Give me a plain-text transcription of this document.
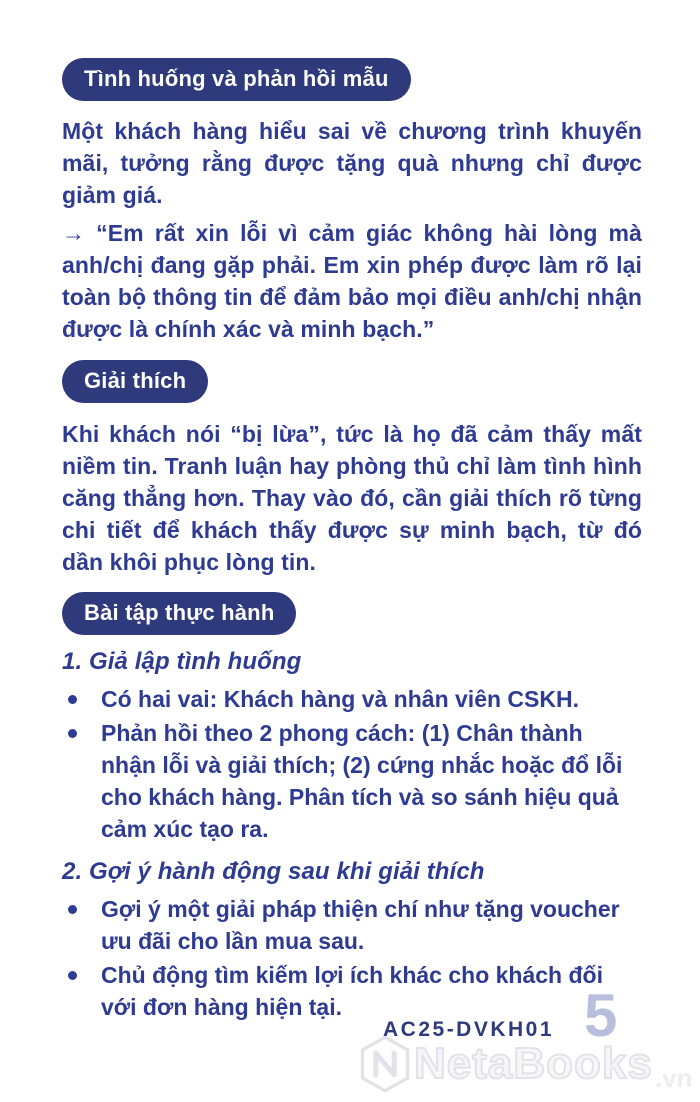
Tình huống và phản hồi mẫu

Một khách hàng hiểu sai về chương trình khuyến mãi, tưởng rằng được tặng quà nhưng chỉ được giảm giá.

→ “Em rất xin lỗi vì cảm giác không hài lòng mà anh/chị đang gặp phải. Em xin phép được làm rõ lại toàn bộ thông tin để đảm bảo mọi điều anh/chị nhận được là chính xác và minh bạch.”

Giải thích

Khi khách nói “bị lừa”, tức là họ đã cảm thấy mất niềm tin. Tranh luận hay phòng thủ chỉ làm tình hình căng thẳng hơn. Thay vào đó, cần giải thích rõ từng chi tiết để khách thấy được sự minh bạch, từ đó dần khôi phục lòng tin.

Bài tập thực hành
1. Giả lập tình huống
Có hai vai: Khách hàng và nhân viên CSKH.
Phản hồi theo 2 phong cách: (1) Chân thành nhận lỗi và giải thích; (2) cứng nhắc hoặc đổ lỗi cho khách hàng. Phân tích và so sánh hiệu quả cảm xúc tạo ra.
2. Gợi ý hành động sau khi giải thích
Gợi ý một giải pháp thiện chí như tặng voucher ưu đãi cho lần mua sau.
Chủ động tìm kiếm lợi ích khác cho khách đối với đơn hàng hiện tại.
NetaBooks .vn
AC25-DVKH01 5
